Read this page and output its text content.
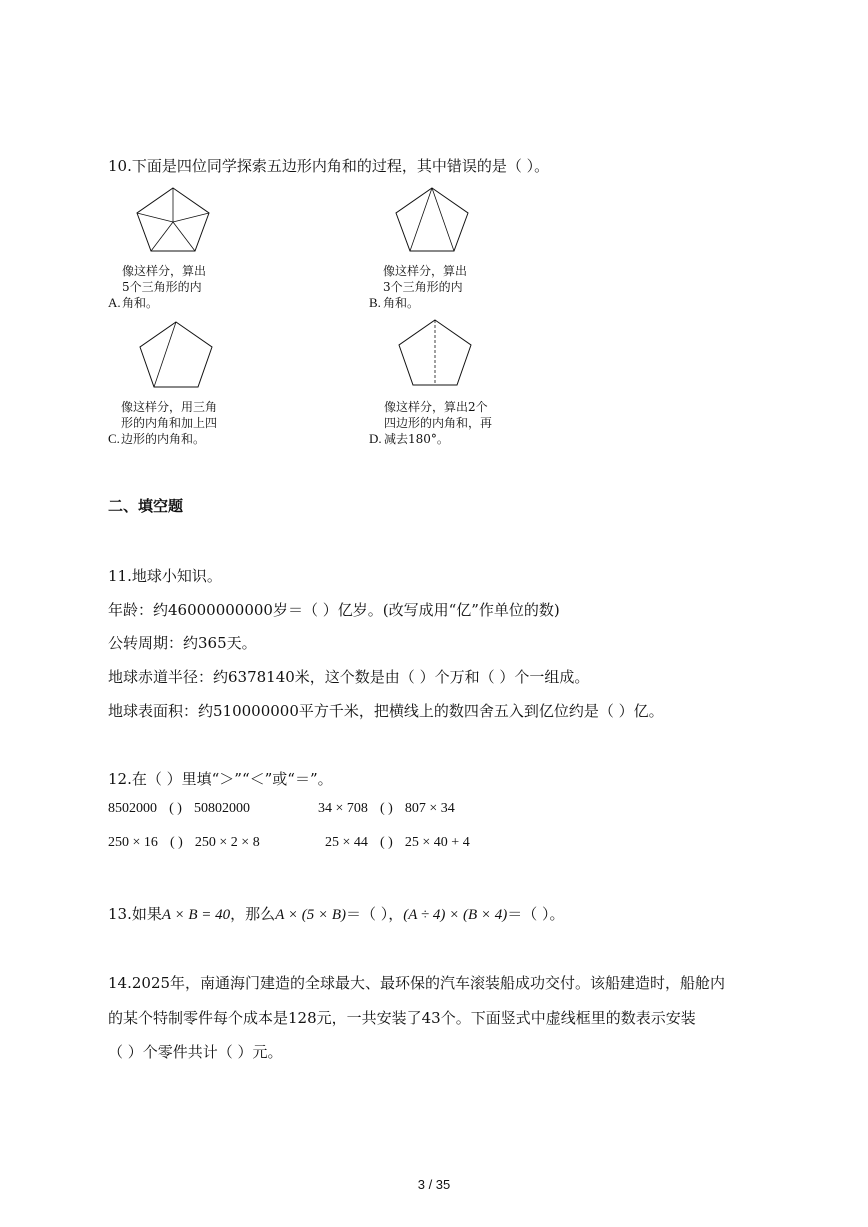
10.下面是四位同学探索五边形内角和的过程，其中错误的是（ ）。
像这样分，算出
5个三角形的内
角和。
A.
像这样分，算出
3个三角形的内
角和。
B.
像这样分，用三角
形的内角和加上四
边形的内角和。
C.
像这样分，算出2个
四边形的内角和，再
减去180°。
D.
二、填空题
11.地球小知识。
年龄：约46000000000岁＝（ ）亿岁。(改写成用“亿”作单位的数)
公转周期：约365天。
地球赤道半径：约6378140米，这个数是由（ ）个万和（ ）个一组成。
地球表面积：约510000000平方千米，把横线上的数四舍五入到亿位约是（ ）亿。
12.在（ ）里填“＞”“＜”或“＝”。
8502000 ( ) 50802000	34 × 708 ( ) 807 × 34
250 × 16 ( ) 250 × 2 × 8	25 × 44 ( ) 25 × 40 + 4
13.如果A × B = 40，那么A × (5 × B)＝（ ），(A ÷ 4) × (B × 4)＝（ ）。
14.2025年，南通海门建造的全球最大、最环保的汽车滚装船成功交付。该船建造时，船舱内
的某个特制零件每个成本是128元，一共安装了43个。下面竖式中虚线框里的数表示安装
（ ）个零件共计（ ）元。
3 / 35
